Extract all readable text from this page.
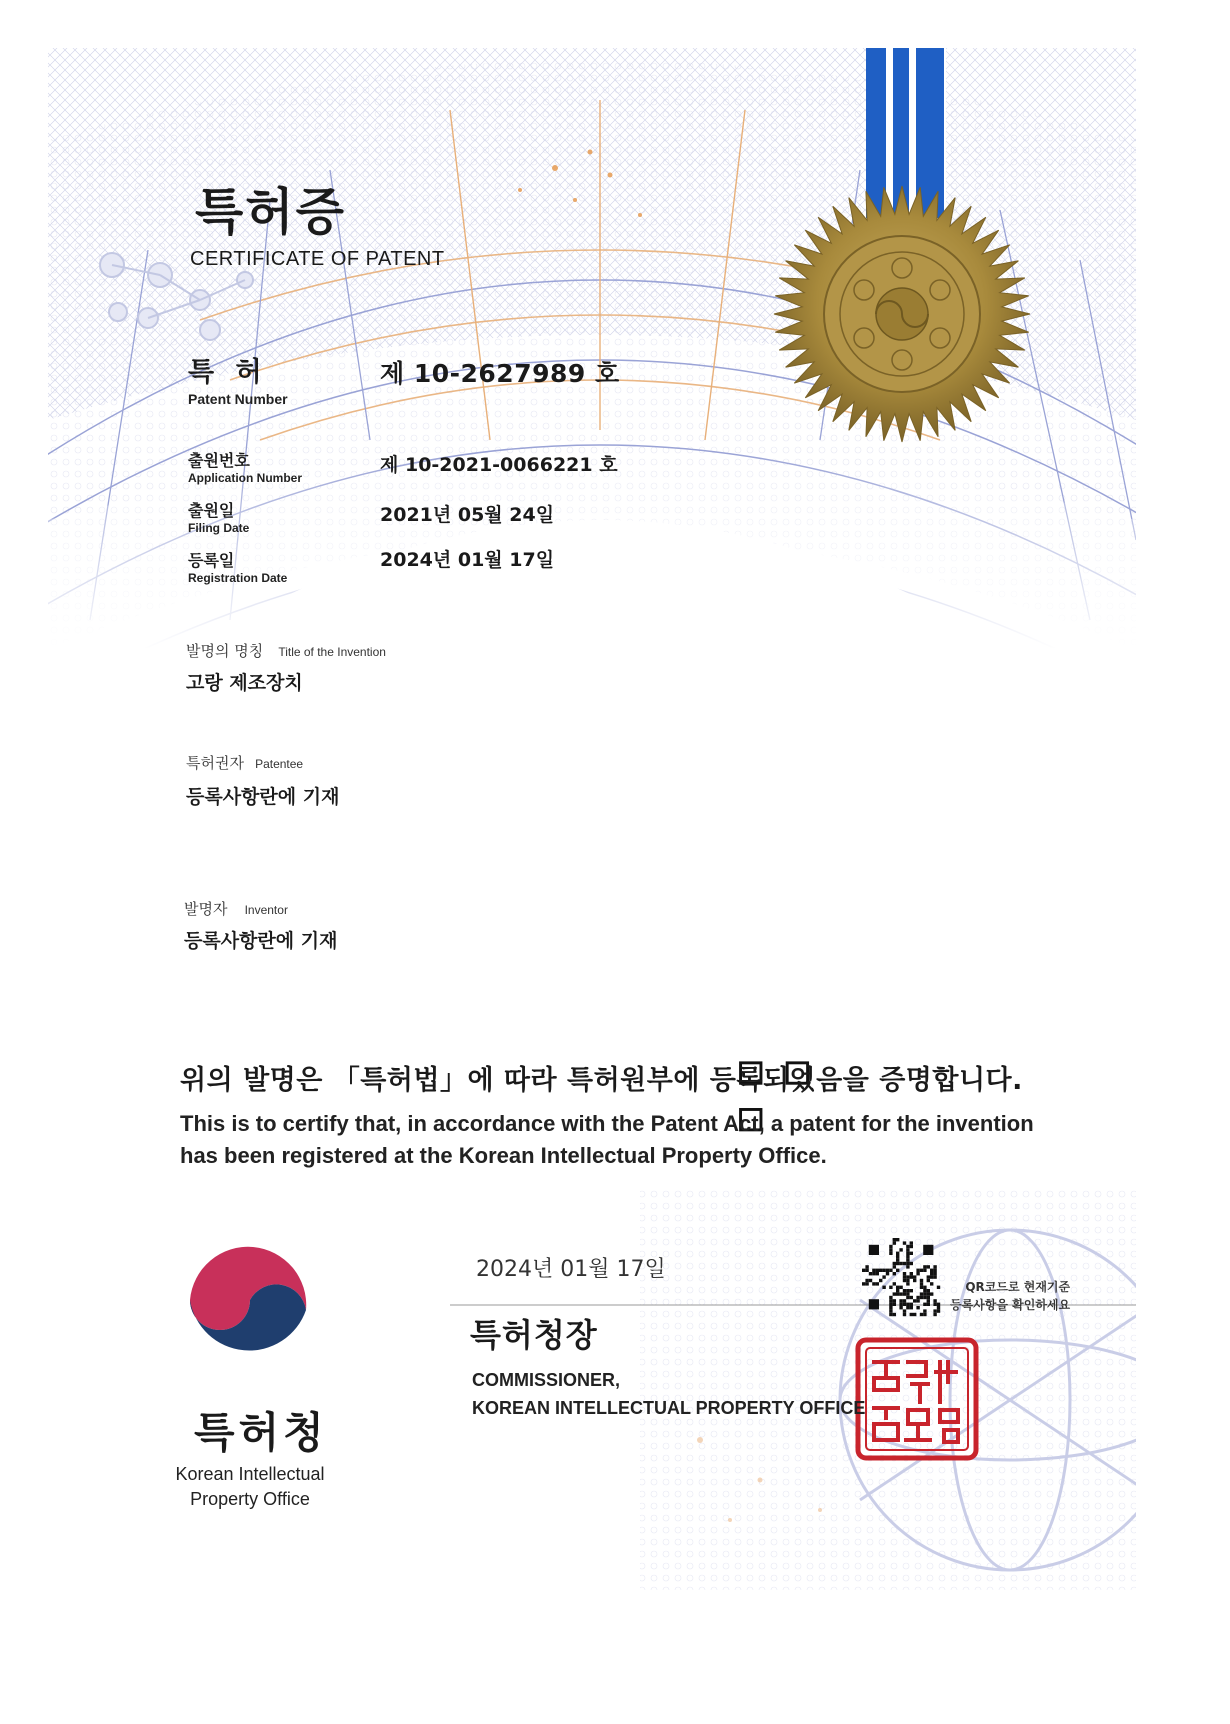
특허증
CERTIFICATE OF PATENT
특 허
Patent Number
제 10-2627989 호
출원번호
Application Number
제 10-2021-0066221 호
출원일
Filing Date
2021년 05월 24일
등록일
Registration Date
2024년 01월 17일
발명의 명칭 Title of the Invention
고랑 제조장치
특허권자 Patentee
등록사항란에 기재
발명자 Inventor
등록사항란에 기재
위의 발명은 「특허법」에 따라 특허원부에 등록되었음을 증명합니다.
This is to certify that, in accordance with the Patent Act, a patent for the invention has been registered at the Korean Intellectual Property Office.
2024년 01월 17일
QR코드로 현재기준
등록사항을 확인하세요
특허청장
COMMISSIONER,
KOREAN INTELLECTUAL PROPERTY OFFICE
특허청
Korean Intellectual
Property Office
